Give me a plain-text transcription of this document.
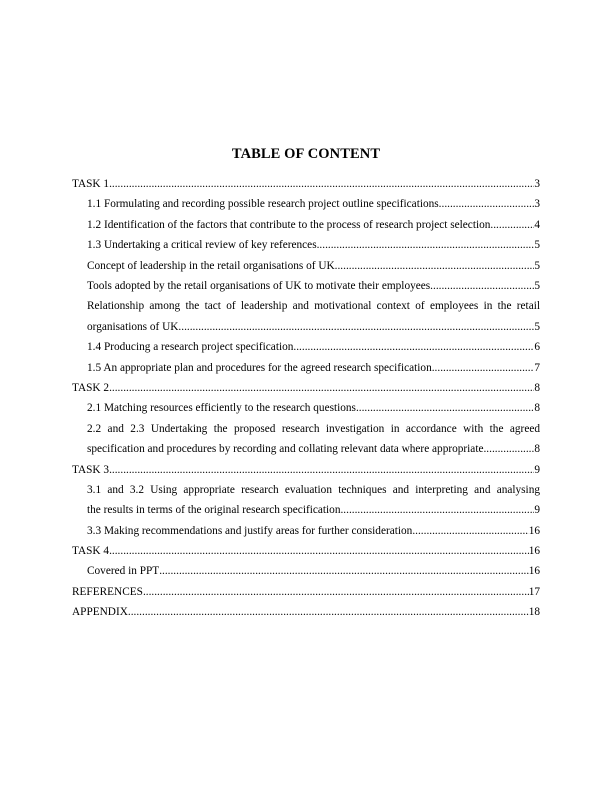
TABLE OF CONTENT
TASK 1 .....	3
1.1 Formulating and recording possible research project outline specifications .....	3
1.2 Identification of the factors that contribute to the process of research project selection .....	4
1.3 Undertaking a critical review of key references .....	5
Concept of leadership in the retail organisations of UK .....	5
Tools adopted by the retail organisations of UK to motivate their employees .....	5
Relationship among the tact of leadership and motivational context of employees in the retail
organisations of UK .....	5
1.4 Producing a research project specification .....	6
1.5 An appropriate plan and procedures for the agreed research specification .....	7
TASK 2 .....	8
2.1 Matching resources efficiently to the research questions .....	8
2.2 and 2.3 Undertaking the proposed research investigation in accordance with the agreed
specification and procedures by recording and collating relevant data where appropriate .....	8
TASK 3 .....	9
3.1 and 3.2 Using appropriate research evaluation techniques and interpreting and analysing
the results in terms of the original research specification .....	9
3.3 Making recommendations and justify areas for further consideration .....	16
TASK 4 .....	16
Covered in PPT .....	16
REFERENCES .....	17
APPENDIX .....	18
